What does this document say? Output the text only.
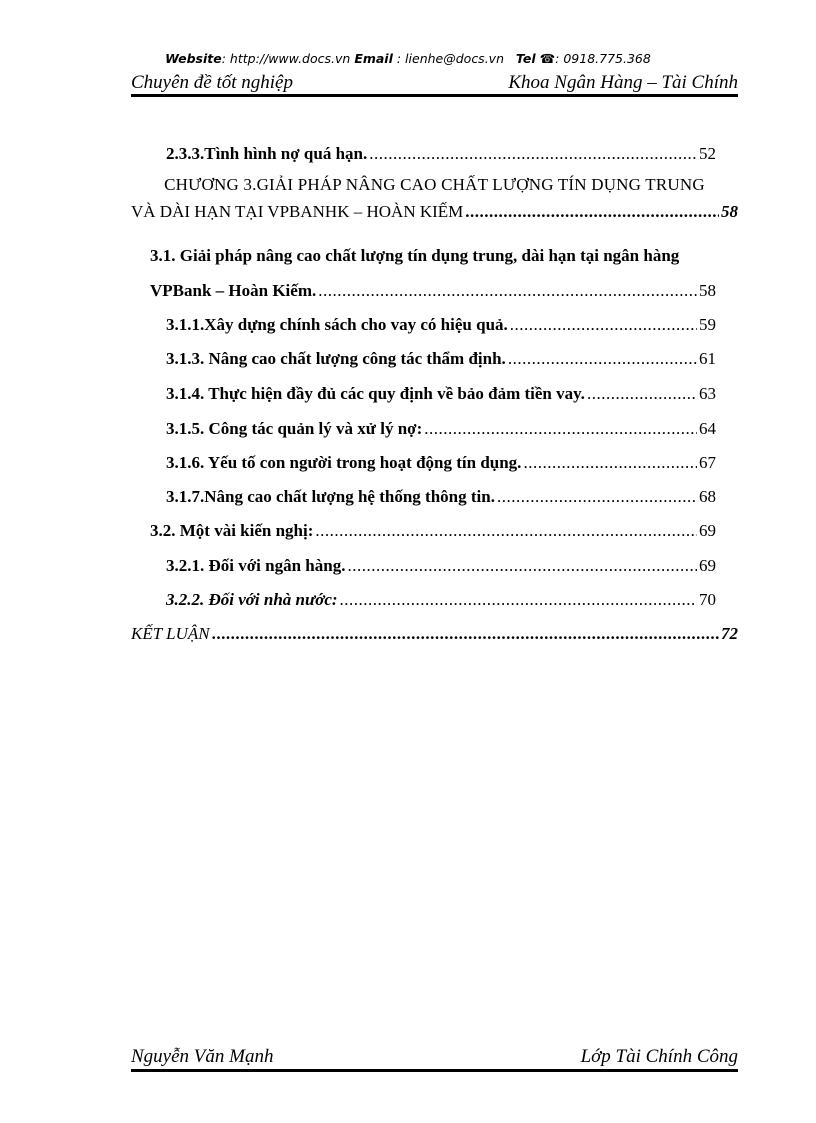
Website: http://www.docs.vn Email : lienhe@docs.vn Tel ☎: 0918.775.368
Chuyên đề tốt nghiệp	Khoa Ngân Hàng – Tài Chính
2.3.3.Tình hình nợ quá hạn. .....	52
CHƯƠNG 3.GIẢI PHÁP NÂNG CAO CHẤT LƯỢNG TÍN DỤNG TRUNG
VÀ DÀI HẠN TẠI VPBANHK – HOÀN KIẾM .....	58
3.1. Giải pháp nâng cao chất lượng tín dụng trung, dài hạn tại ngân hàng
VPBank – Hoàn Kiếm. .....	58
3.1.1.Xây dựng chính sách cho vay có hiệu quả. .....	59
3.1.3. Nâng cao chất lượng công tác thẩm định. .....	61
3.1.4. Thực hiện đầy đủ các quy định về bảo đảm tiền vay. .....	63
3.1.5. Công tác quản lý và xử lý nợ: .....	64
3.1.6. Yếu tố con người trong hoạt động tín dụng. .....	67
3.1.7.Nâng cao chất lượng hệ thống thông tin. .....	68
3.2. Một vài kiến nghị: .....	69
3.2.1. Đối với ngân hàng. .....	69
3.2.2. Đối với nhà nước: .....	70
KẾT LUẬN .....	72
Nguyễn Văn Mạnh	Lớp Tài Chính Công
